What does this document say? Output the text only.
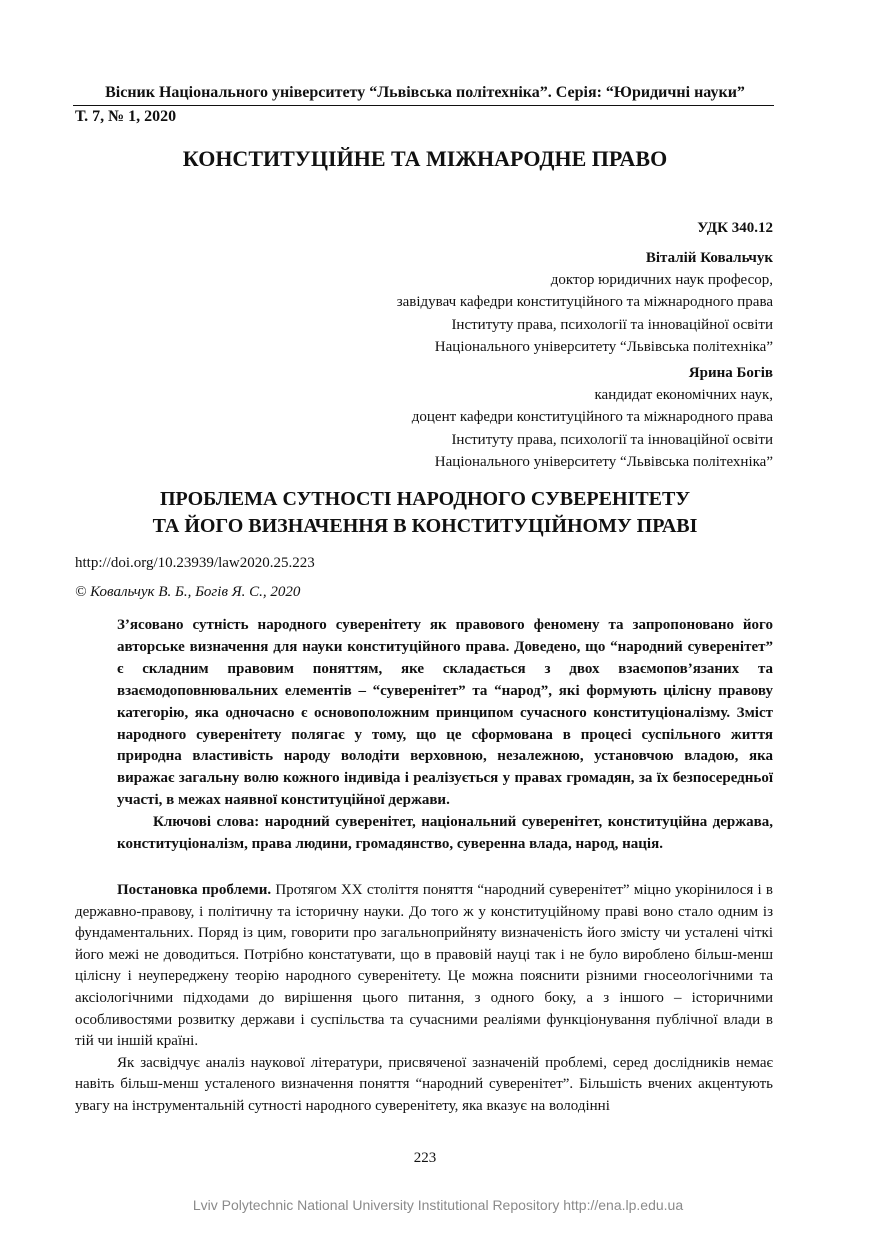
Вісник Національного університету “Львівська політехніка”. Серія: “Юридичні науки”
Т. 7, № 1, 2020
КОНСТИТУЦІЙНЕ ТА МІЖНАРОДНЕ ПРАВО
УДК 340.12
Віталій Ковальчук
доктор юридичних наук професор,
завідувач кафедри конституційного та міжнародного права
Інституту права, психології та інноваційної освіти
Національного університету “Львівська політехніка”
Ярина Богів
кандидат економічних наук,
доцент кафедри конституційного та міжнародного права
Інституту права, психології та інноваційної освіти
Національного університету “Львівська політехніка”
ПРОБЛЕМА СУТНОСТІ НАРОДНОГО СУВЕРЕНІТЕТУ
ТА ЙОГО ВИЗНАЧЕННЯ В КОНСТИТУЦІЙНОМУ ПРАВІ
http://doi.org/10.23939/law2020.25.223
© Ковальчук В. Б., Богів Я. С., 2020

З’ясовано сутність народного суверенітету як правового феномену та запропоновано його авторське визначення для науки конституційного права. Доведено, що “народний суверенітет” є складним правовим поняттям, яке складається з двох взаємопов’язаних та взаємодоповнювальних елементів – “суверенітет” та “народ”, які формують цілісну правову категорію, яка одночасно є основоположним принципом сучасного конституціоналізму. Зміст народного суверенітету полягає у тому, що це сформована в процесі суспільного життя природна властивість народу володіти верховною, незалежною, установчою владою, яка виражає загальну волю кожного індивіда і реалізується у правах громадян, за їх безпосередньої участі, в межах наявної конституційної держави.

Ключові слова: народний суверенітет, національний суверенітет, конституційна держава, конституціоналізм, права людини, громадянство, суверенна влада, народ, нація.

Постановка проблеми. Протягом XX століття поняття “народний суверенітет” міцно укорінилося і в державно-правову, і політичну та історичну науки. До того ж у конституційному праві воно стало одним із фундаментальних. Поряд із цим, говорити про загальноприйняту визначеність його змісту чи усталені чіткі його межі не доводиться. Потрібно констатувати, що в правовій науці так і не було вироблено більш-менш цілісну і неупереджену теорію народного суверенітету. Це можна пояснити різними гносеологічними та аксіологічними підходами до вирішення цього питання, з одного боку, а з іншого – історичними особливостями розвитку держави і суспільства та сучасними реаліями функціонування публічної влади в тій чи іншій країні.

Як засвідчує аналіз наукової літератури, присвяченої зазначеній проблемі, серед дослідників немає навіть більш-менш усталеного визначення поняття “народний суверенітет”. Більшість вчених акцентують увагу на інструментальній сутності народного суверенітету, яка вказує на володінні

223
Lviv Polytechnic National University Institutional Repository http://ena.lp.edu.ua
